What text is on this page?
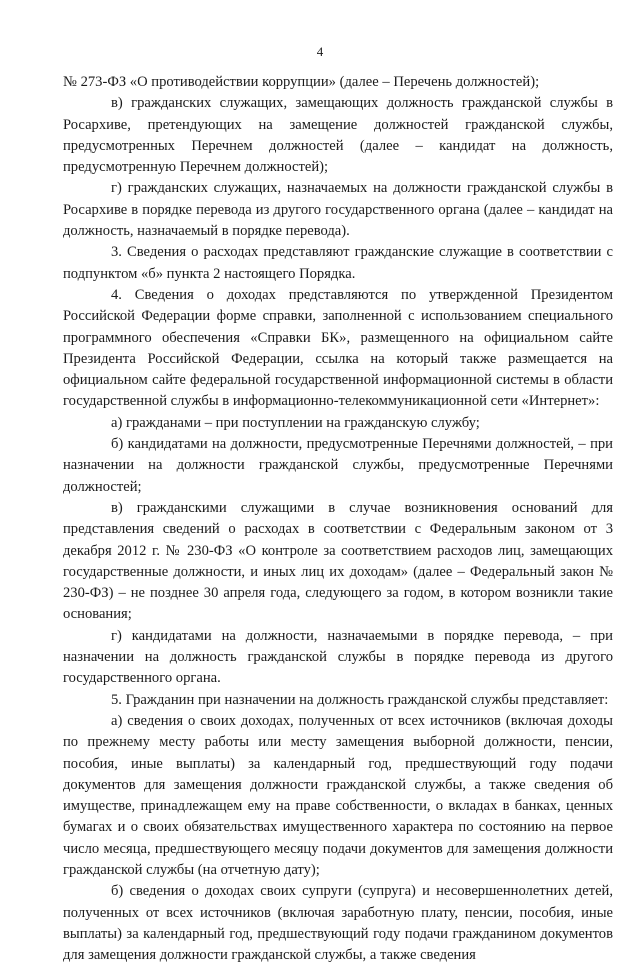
4

№ 273-ФЗ «О противодействии коррупции» (далее – Перечень должностей);

в) гражданских служащих, замещающих должность гражданской службы в Росархиве, претендующих на замещение должностей гражданской службы, предусмотренных Перечнем должностей (далее – кандидат на должность, предусмотренную Перечнем должностей);

г) гражданских служащих, назначаемых на должности гражданской службы в Росархиве в порядке перевода из другого государственного органа (далее – кандидат на должность, назначаемый в порядке перевода).

3. Сведения о расходах представляют гражданские служащие в соответствии с подпунктом «б» пункта 2 настоящего Порядка.

4. Сведения о доходах представляются по утвержденной Президентом Российской Федерации форме справки, заполненной с использованием специального программного обеспечения «Справки БК», размещенного на официальном сайте Президента Российской Федерации, ссылка на который также размещается на официальном сайте федеральной государственной информационной системы в области государственной службы в информационно-телекоммуникационной сети «Интернет»:

а) гражданами – при поступлении на гражданскую службу;

б) кандидатами на должности, предусмотренные Перечнями должностей, – при назначении на должности гражданской службы, предусмотренные Перечнями должностей;

в) гражданскими служащими в случае возникновения оснований для представления сведений о расходах в соответствии с Федеральным законом от 3 декабря 2012 г. № 230-ФЗ «О контроле за соответствием расходов лиц, замещающих государственные должности, и иных лиц их доходам» (далее – Федеральный закон № 230-ФЗ) – не позднее 30 апреля года, следующего за годом, в котором возникли такие основания;

г) кандидатами на должности, назначаемыми в порядке перевода, – при назначении на должность гражданской службы в порядке перевода из другого государственного органа.

5. Гражданин при назначении на должность гражданской службы представляет:

а) сведения о своих доходах, полученных от всех источников (включая доходы по прежнему месту работы или месту замещения выборной должности, пенсии, пособия, иные выплаты) за календарный год, предшествующий году подачи документов для замещения должности гражданской службы, а также сведения об имуществе, принадлежащем ему на праве собственности, о вкладах в банках, ценных бумагах и о своих обязательствах имущественного характера по состоянию на первое число месяца, предшествующего месяцу подачи документов для замещения должности гражданской службы (на отчетную дату);

б) сведения о доходах своих супруги (супруга) и несовершеннолетних детей, полученных от всех источников (включая заработную плату, пенсии, пособия, иные выплаты) за календарный год, предшествующий году подачи гражданином документов для замещения должности гражданской службы, а также сведения
